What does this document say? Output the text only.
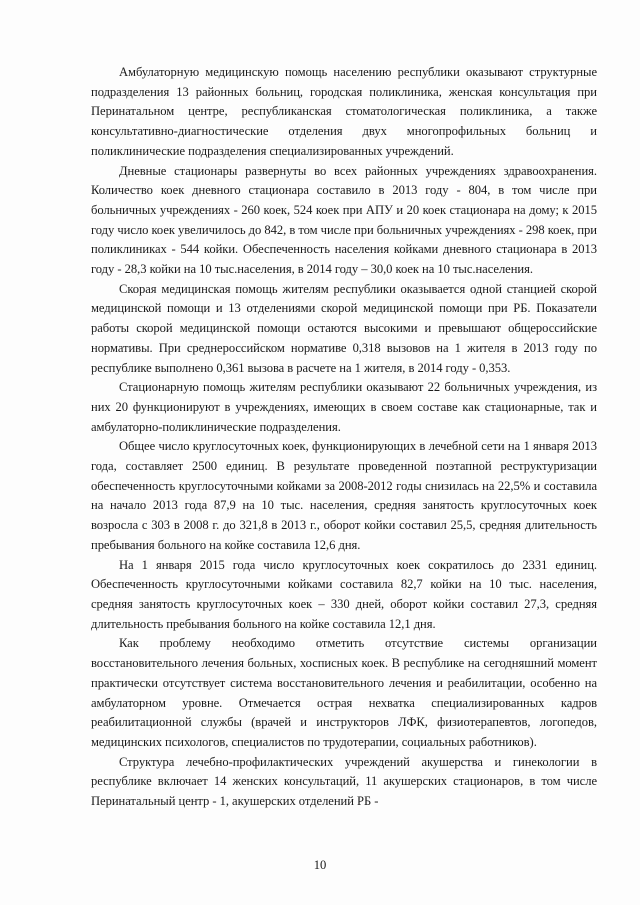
Амбулаторную медицинскую помощь населению республики оказывают структурные подразделения 13 районных больниц, городская поликлиника, женская консультация при Перинатальном центре, республиканская стоматологическая поликлиника, а также консультативно-диагностические отделения двух многопрофильных больниц и поликлинические подразделения специализированных учреждений.

Дневные стационары развернуты во всех районных учреждениях здравоохранения. Количество коек дневного стационара составило в 2013 году - 804, в том числе при больничных учреждениях - 260 коек, 524 коек при АПУ и 20 коек стационара на дому; к 2015 году число коек увеличилось до 842, в том числе при больничных учреждениях - 298 коек, при поликлиниках - 544 койки. Обеспеченность населения койками дневного стационара в 2013 году - 28,3 койки на 10 тыс.населения, в 2014 году – 30,0 коек на 10 тыс.населения.

Скорая медицинская помощь жителям республики оказывается одной станцией скорой медицинской помощи и 13 отделениями скорой медицинской помощи при РБ. Показатели работы скорой медицинской помощи остаются высокими и превышают общероссийские нормативы. При среднероссийском нормативе 0,318 вызовов на 1 жителя в 2013 году по республике выполнено 0,361 вызова в расчете на 1 жителя, в 2014 году - 0,353.

Стационарную помощь жителям республики оказывают 22 больничных учреждения, из них 20 функционируют в учреждениях, имеющих в своем составе как стационарные, так и амбулаторно-поликлинические подразделения.

Общее число круглосуточных коек, функционирующих в лечебной сети на 1 января 2013 года, составляет 2500 единиц. В результате проведенной поэтапной реструктуризации обеспеченность круглосуточными койками за 2008-2012 годы снизилась на 22,5% и составила на начало 2013 года 87,9 на 10 тыс. населения, средняя занятость круглосуточных коек возросла с 303 в 2008 г. до 321,8 в 2013 г., оборот койки составил 25,5, средняя длительность пребывания больного на койке составила 12,6 дня.

На 1 января 2015 года число круглосуточных коек сократилось до 2331 единиц. Обеспеченность круглосуточными койками составила 82,7 койки на 10 тыс. населения, средняя занятость круглосуточных коек – 330 дней, оборот койки составил 27,3, средняя длительность пребывания больного на койке составила 12,1 дня.

Как проблему необходимо отметить отсутствие системы организации восстановительного лечения больных, хосписных коек. В республике на сегодняшний момент практически отсутствует система восстановительного лечения и реабилитации, особенно на амбулаторном уровне. Отмечается острая нехватка специализированных кадров реабилитационной службы (врачей и инструкторов ЛФК, физиотерапевтов, логопедов, медицинских психологов, специалистов по трудотерапии, социальных работников).

Структура лечебно-профилактических учреждений акушерства и гинекологии в республике включает 14 женских консультаций, 11 акушерских стационаров, в том числе Перинатальный центр - 1, акушерских отделений РБ -

10
